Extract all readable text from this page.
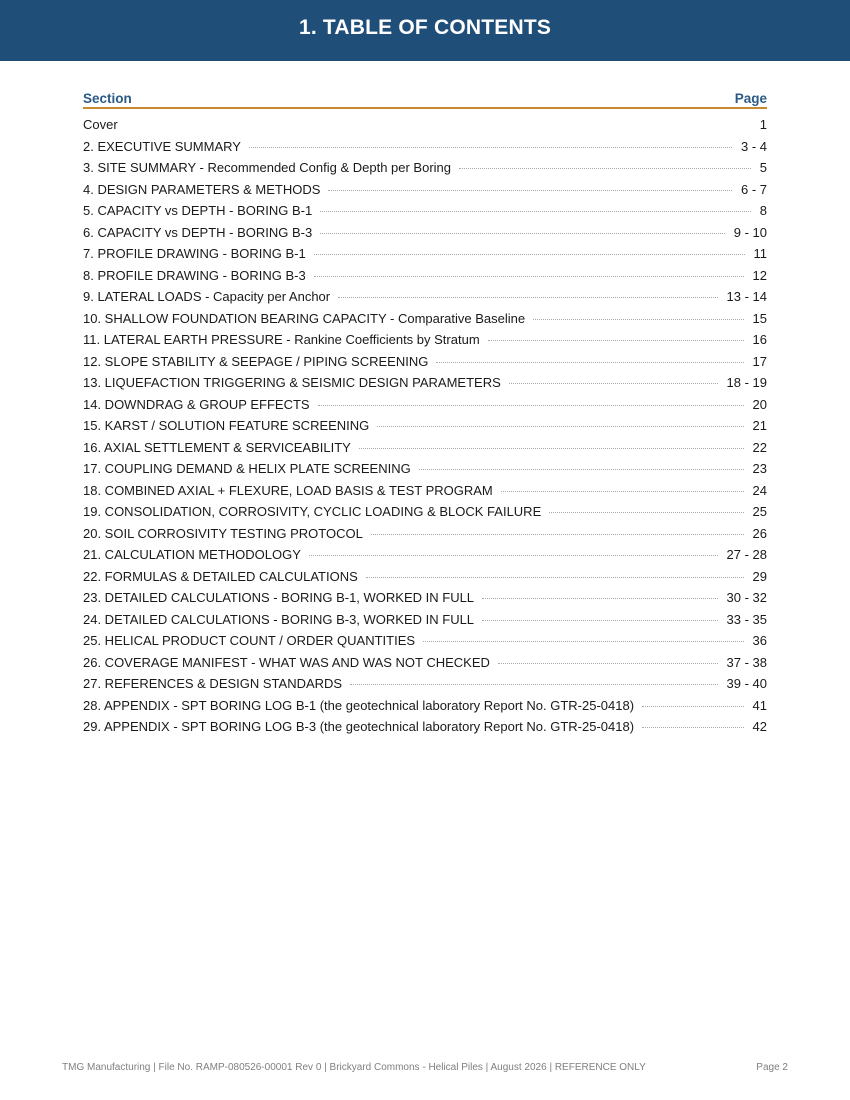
1. TABLE OF CONTENTS
Section	Page
Cover	1
2. EXECUTIVE SUMMARY	3 - 4
3. SITE SUMMARY - Recommended Config & Depth per Boring	5
4. DESIGN PARAMETERS & METHODS	6 - 7
5. CAPACITY vs DEPTH - BORING B-1	8
6. CAPACITY vs DEPTH - BORING B-3	9 - 10
7. PROFILE DRAWING - BORING B-1	11
8. PROFILE DRAWING - BORING B-3	12
9. LATERAL LOADS - Capacity per Anchor	13 - 14
10. SHALLOW FOUNDATION BEARING CAPACITY - Comparative Baseline	15
11. LATERAL EARTH PRESSURE - Rankine Coefficients by Stratum	16
12. SLOPE STABILITY & SEEPAGE / PIPING SCREENING	17
13. LIQUEFACTION TRIGGERING & SEISMIC DESIGN PARAMETERS	18 - 19
14. DOWNDRAG & GROUP EFFECTS	20
15. KARST / SOLUTION FEATURE SCREENING	21
16. AXIAL SETTLEMENT & SERVICEABILITY	22
17. COUPLING DEMAND & HELIX PLATE SCREENING	23
18. COMBINED AXIAL + FLEXURE, LOAD BASIS & TEST PROGRAM	24
19. CONSOLIDATION, CORROSIVITY, CYCLIC LOADING & BLOCK FAILURE	25
20. SOIL CORROSIVITY TESTING PROTOCOL	26
21. CALCULATION METHODOLOGY	27 - 28
22. FORMULAS & DETAILED CALCULATIONS	29
23. DETAILED CALCULATIONS - BORING B-1, WORKED IN FULL	30 - 32
24. DETAILED CALCULATIONS - BORING B-3, WORKED IN FULL	33 - 35
25. HELICAL PRODUCT COUNT / ORDER QUANTITIES	36
26. COVERAGE MANIFEST - WHAT WAS AND WAS NOT CHECKED	37 - 38
27. REFERENCES & DESIGN STANDARDS	39 - 40
28. APPENDIX - SPT BORING LOG B-1 (the geotechnical laboratory Report No. GTR-25-0418)	41
29. APPENDIX - SPT BORING LOG B-3 (the geotechnical laboratory Report No. GTR-25-0418)	42
TMG Manufacturing | File No. RAMP-080526-00001 Rev 0 | Brickyard Commons - Helical Piles | August 2026 | REFERENCE ONLY	Page 2
